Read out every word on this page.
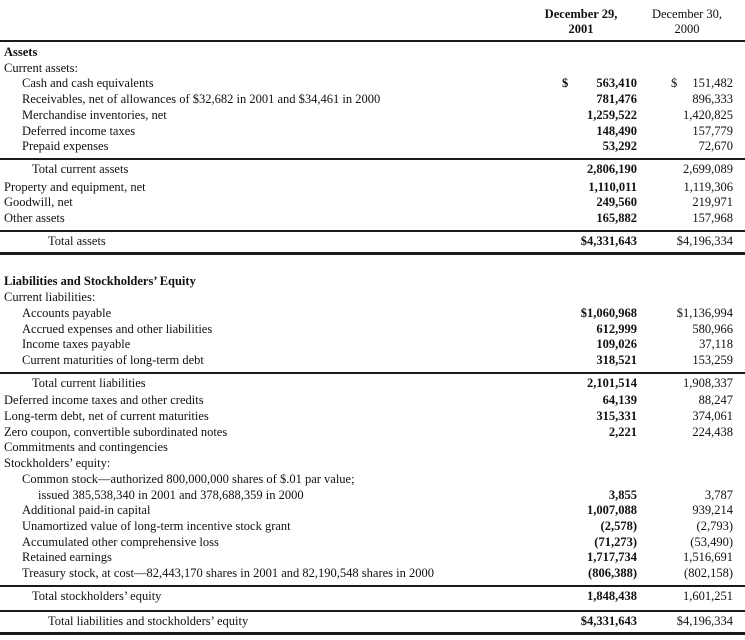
December 29,
2001
December 30,
2000
Assets
Current assets:
Cash and cash equivalents	$ 563,410	$ 151,482
Receivables, net of allowances of $32,682 in 2001 and $34,461 in 2000	781,476	896,333
Merchandise inventories, net	1,259,522	1,420,825
Deferred income taxes	148,490	157,779
Prepaid expenses	53,292	72,670
Total current assets	2,806,190	2,699,089
Property and equipment, net	1,110,011	1,119,306
Goodwill, net	249,560	219,971
Other assets	165,882	157,968
Total assets	$4,331,643	$4,196,334
Liabilities and Stockholders’ Equity
Current liabilities:
Accounts payable	$1,060,968	$1,136,994
Accrued expenses and other liabilities	612,999	580,966
Income taxes payable	109,026	37,118
Current maturities of long-term debt	318,521	153,259
Total current liabilities	2,101,514	1,908,337
Deferred income taxes and other credits	64,139	88,247
Long-term debt, net of current maturities	315,331	374,061
Zero coupon, convertible subordinated notes	2,221	224,438
Commitments and contingencies
Stockholders’ equity:
Common stock—authorized 800,000,000 shares of $.01 par value;
issued 385,538,340 in 2001 and 378,688,359 in 2000	3,855	3,787
Additional paid-in capital	1,007,088	939,214
Unamortized value of long-term incentive stock grant	(2,578)	(2,793)
Accumulated other comprehensive loss	(71,273)	(53,490)
Retained earnings	1,717,734	1,516,691
Treasury stock, at cost—82,443,170 shares in 2001 and 82,190,548 shares in 2000	(806,388)	(802,158)
Total stockholders’ equity	1,848,438	1,601,251
Total liabilities and stockholders’ equity	$4,331,643	$4,196,334
